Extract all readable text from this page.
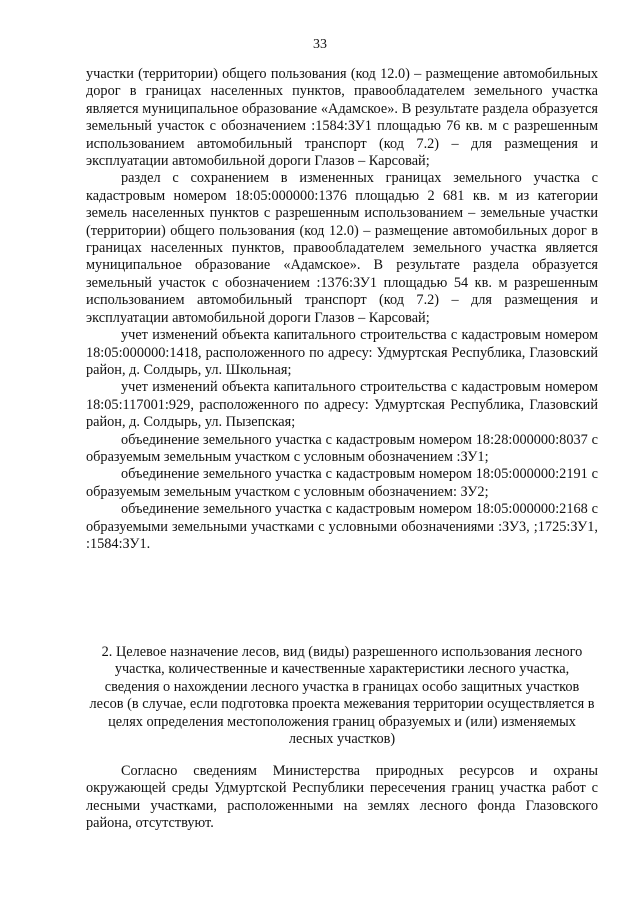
33

участки (территории) общего пользования (код 12.0) – размещение автомобильных дорог в границах населенных пунктов, правообладателем земельного участка является муниципальное образование «Адамское». В результате раздела образуется земельный участок с обозначением :1584:ЗУ1 площадью 76 кв. м с разрешенным использованием автомобильный транспорт (код 7.2) – для размещения и эксплуатации автомобильной дороги Глазов – Карсовай;

раздел с сохранением в измененных границах земельного участка с кадастровым номером 18:05:000000:1376 площадью 2 681 кв. м из категории земель населенных пунктов с разрешенным использованием – земельные участки (территории) общего пользования (код 12.0) – размещение автомобильных дорог в границах населенных пунктов, правообладателем земельного участка является муниципальное образование «Адамское». В результате раздела образуется земельный участок с обозначением :1376:ЗУ1 площадью 54 кв. м разрешенным использованием автомобильный транспорт (код 7.2) – для размещения и эксплуатации автомобильной дороги Глазов – Карсовай;

учет изменений объекта капитального строительства с кадастровым номером 18:05:000000:1418, расположенного по адресу: Удмуртская Республика, Глазовский район, д. Солдырь, ул. Школьная;

учет изменений объекта капитального строительства с кадастровым номером 18:05:117001:929, расположенного по адресу: Удмуртская Республика, Глазовский район, д. Солдырь, ул. Пызепская;

объединение земельного участка с кадастровым номером 18:28:000000:8037 с образуемым земельным участком с условным обозначением :ЗУ1;

объединение земельного участка с кадастровым номером 18:05:000000:2191 с образуемым земельным участком с условным обозначением: ЗУ2;

объединение земельного участка с кадастровым номером 18:05:000000:2168 с образуемыми земельными участками с условными обозначениями :ЗУ3, ;1725:ЗУ1, :1584:ЗУ1.

2. Целевое назначение лесов, вид (виды) разрешенного использования лесного участка, количественные и качественные характеристики лесного участка, сведения о нахождении лесного участка в границах особо защитных участков лесов (в случае, если подготовка проекта межевания территории осуществляется в целях определения местоположения границ образуемых и (или) изменяемых лесных участков)

Согласно сведениям Министерства природных ресурсов и охраны окружающей среды Удмуртской Республики пересечения границ участка работ с лесными участками, расположенными на землях лесного фонда Глазовского района, отсутствуют.
